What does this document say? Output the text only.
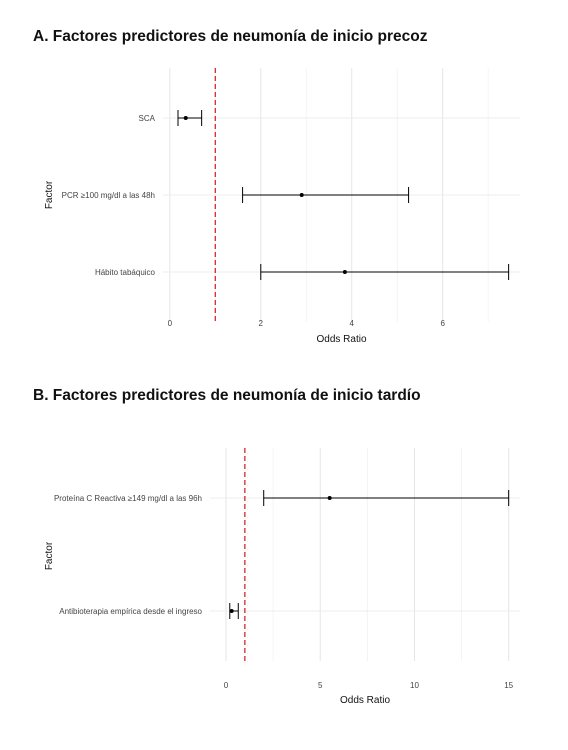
A. Factores predictores de neumonía de inicio precoz
B. Factores predictores de neumonía de inicio tardío
SCA
PCR ≥100 mg/dl a las 48h
Hábito tabáquico
0	2	4	6
Odds Ratio
Factor
Proteína C Reactiva ≥149 mg/dl a las 96h
Antibioterapia empírica desde el ingreso
0	5	10	15
Odds Ratio
Factor
